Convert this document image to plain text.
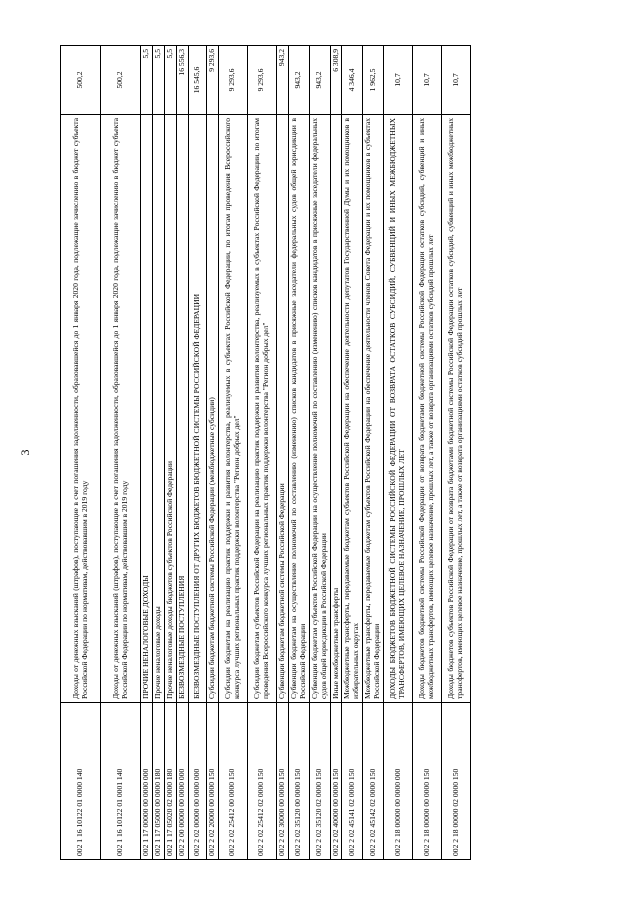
3
002 1 16 10122 01 0000 140	Доходы от денежных взысканий (штрафов), поступающие в счет погашения задолженности, образовавшейся до 1 января 2020 года, подлежащие зачислению в бюджет субъекта Российской Федерации по нормативам, действовавшим в 2019 году	500,2
002 1 16 10122 01 0001 140	Доходы от денежных взысканий (штрафов), поступающие в счет погашения задолженности, образовавшейся до 1 января 2020 года, подлежащие зачислению в бюджет субъекта Российской Федерации по нормативам, действовавшим в 2019 году	500,2
002 1 17 00000 00 0000 000	ПРОЧИЕ НЕНАЛОГОВЫЕ ДОХОДЫ	5,5
002 1 17 05000 00 0000 180	Прочие неналоговые доходы	5,5
002 1 17 05020 02 0000 180	Прочие неналоговые доходы бюджетов субъектов Российской Федерации	5,5
002 2 00 00000 00 0000 000	БЕЗВОЗМЕЗДНЫЕ ПОСТУПЛЕНИЯ	16 556,3
002 2 02 00000 00 0000 000	БЕЗВОЗМЕЗДНЫЕ ПОСТУПЛЕНИЯ ОТ ДРУГИХ БЮДЖЕТОВ БЮДЖЕТНОЙ СИСТЕМЫ РОССИЙСКОЙ ФЕДЕРАЦИИ	16 545,6
002 2 02 20000 00 0000 150	Субсидии бюджетам бюджетной системы Российской Федерации (межбюджетные субсидии)	9 293,6
002 2 02 25412 00 0000 150	Субсидии бюджетам на реализацию практик поддержки и развития волонтерства, реализуемых в субъектах Российской Федерации, по итогам проведения Всероссийского конкурса лучших региональных практик поддержки волонтерства "Регион добрых дел"	9 293,6
002 2 02 25412 02 0000 150	Субсидии бюджетам субъектов Российской Федерации на реализацию практик поддержки и развития волонтерства, реализуемых в субъектах Российской Федерации, по итогам проведения Всероссийского конкурса лучших региональных практик поддержки волонтерства "Регион добрых дел"	9 293,6
002 2 02 30000 00 0000 150	Субвенции бюджетам бюджетной системы Российской Федерации	943,2
002 2 02 35120 00 0000 150	Субвенции бюджетам на осуществление полномочий по составлению (изменению) списков кандидатов в присяжные заседатели федеральных судов общей юрисдикции в Российской Федерации	943,2
002 2 02 35120 02 0000 150	Субвенции бюджетам субъектов Российской Федерации на осуществление полномочий по составлению (изменению) списков кандидатов в присяжные заседатели федеральных судов общей юрисдикции в Российской Федерации	943,2
002 2 02 40000 00 0000 150	Иные межбюджетные трансферты	6 308,9
002 2 02 45141 02 0000 150	Межбюджетные трансферты, передаваемые бюджетам субъектов Российской Федерации на обеспечение деятельности депутатов Государственной Думы и их помощников в избирательных округах	4 346,4
002 2 02 45142 02 0000 150	Межбюджетные трансферты, передаваемые бюджетам субъектов Российской Федерации на обеспечение деятельности членов Совета Федерации и их помощников в субъектах Российской Федерации	1 962,5
002 2 18 00000 00 0000 000	ДОХОДЫ БЮДЖЕТОВ БЮДЖЕТНОЙ СИСТЕМЫ РОССИЙСКОЙ ФЕДЕРАЦИИ ОТ ВОЗВРАТА ОСТАТКОВ СУБСИДИЙ, СУБВЕНЦИЙ И ИНЫХ МЕЖБЮДЖЕТНЫХ ТРАНСФЕРТОВ, ИМЕЮЩИХ ЦЕЛЕВОЕ НАЗНАЧЕНИЕ, ПРОШЛЫХ ЛЕТ	10,7
002 2 18 00000 00 0000 150	Доходы бюджетов бюджетной системы Российской Федерации от возврата бюджетами бюджетной системы Российской Федерации остатков субсидий, субвенций и иных межбюджетных трансфертов, имеющих целевое назначение, прошлых лет, а также от возврата организациями остатков субсидий прошлых лет	10,7
002 2 18 00000 02 0000 150	Доходы бюджетов субъектов Российской Федерации от возврата бюджетами бюджетной системы Российской Федерации остатков субсидий, субвенций и иных межбюджетных трансфертов, имеющих целевое назначение, прошлых лет, а также от возврата организациями остатков субсидий прошлых лет	10,7
